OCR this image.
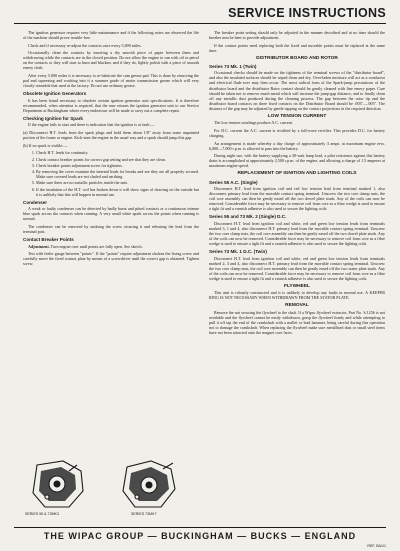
SERVICE INSTRUCTIONS

The ignition generator requires very little maintenance and if the following notes are observed the life of the machine should prove trouble-free.

Check and if necessary re-adjust the contacts once every 5,000 miles.

Occasionally clean the contacts by inserting a dry smooth piece of paper between them and withdrawing while the contacts are in the closed position. Do not allow the engine to run with oil or petrol on the contacts or they will start to burn and blacken, and if they do, lightly polish with a piece of smooth emery cloth.

After every 5,000 miles it is necessary to re-lubricate the cam grease pad. This is done by removing the pad and squeezing and working into it a summer grade of motor transmission grease which will very closely resemble that used at the factory. Do not use ordinary grease.

Obsolete Ignition Generators

It has been found necessary to obsolete certain ignition generator unit specifications. It is therefore recommended, when attention is required, that the user returns the ignition generator unit to our Service Department at Buckingham where every endeavour will be made to carry out a complete repair.

Checking Ignition for Spark

If the engine fails to start and there is indication that the ignition is at fault:—

(a) Disconnect H.T. leads from the spark plugs and hold them about 1/8" away from some unpainted portion of the frame or engine. Kick-start the engine in the usual way and a spark should jump this gap.

(b) If no spark is visible:—

1. Check H.T. leads for continuity.
2. Check contact breaker points for correct gap setting and see that they are clean.
3. Check breaker points adjustment screw for tightness.
4. By removing the cover examine the internal leads for breaks and see they are all properly secured. Make sure covered leads are not chafed and earthing.
5. Make sure there are no metallic particles inside the unit.
6. If the insulation of the H.T. coil has broken down it will show signs of charring on the outside but it is unlikely that this will happen in normal use.
Condenser

A weak or faulty condenser can be detected by badly burnt and pitted contacts or a continuous intense blue spark across the contacts when running. A very small white spark across the points when running is normal.

The condenser can be removed by undoing the screw securing it and releasing the lead from the terminal post.

Contact Breaker Points

Adjustment. Turn engine over until points are fully open. See sketch.

Test with feeler gauge between "points". If the "points" require adjustment slacken the fixing screw and carefully move the fixed contact plate by means of a screwdriver until the correct gap is obtained. Tighten screw.

SERIES 55 & 73MK3	SERIES 73MK7

The breaker point setting should only be adjusted in the manner described and at no time should the breaker arm be bent to provide adjustment.

If the contact points need replacing both the fixed and movable points must be replaced at the same time.

DISTRIBUTOR BOARD AND ROTOR
Series 73 Mk. 1 (Twin)

Occasional checks should be made on the tightness of the terminal screws of the "distributor board", and also the insulated surfaces should be wiped clean and dry. Over-laden moisture will act as a conductor and electrical flash-over may then occur. The most radical form of the Spark-jump precautions of the distributor board and the distributor Rotor contact should be gently cleaned with fine emery paper. Care should be taken not to remove much metal which will increase the jump-gap distance, and to finally clean off any metallic dust produced during the cleaning process. The gap between the rotor tip and the distributor board contacts on three fixed contacts on the Distributor Board should be .003"—.005". The distance of the gap may be adjusted by gentle tapping on the contact projections in the required direction.

LOW TENSION CURRENT

The low tension windings produce A.C. current.

For D.C. current the A.C. current is rectified by a full-wave rectifier. This provides D.C. for battery charging.

An arrangement is made whereby a day charge of approximately 3 amps. at maximum engine revs. 6,000—7,000 r.p.m. is allowed to pass into the battery.

During night use, with the battery supplying a 30-watt lamp load, a pilot resistance against this battery drain is accomplished at approximately 2,500 r.p.m. of the engine, and allowing a charge of 1.5 amperes at maximum engine speed.

REPLACEMENT OF IGNITION AND LIGHTING COILS
Series 55 A.C. (Single)

Disconnect H.T. lead from ignition coil and red low tension lead from terminal marked 1, also disconnect primary lead from the movable contact spring terminal. Unscrew the two core clamp nuts, the coil core assembly can then be gently eased off the two dowel plate studs. Any of the coils can now be removed. Considerable force may be necessary to remove coil from core as a fibre wedge is used to ensure a tight fit and a varnish adhesive is also used to secure the lighting coils.

Series 55 and 73 Mk. 2 (Single) D.C.

Disconnect H.T. lead from ignition coil and white, red and green low tension leads from terminals marked 3, 1 and 4, also disconnect H.T. primary lead from the movable contact spring terminal. Unscrew the two core clamp nuts, the coil core assembly can then be gently eased off the two dowel plate studs. Any of the coils can now be removed. Considerable force may be necessary to remove coil from core as a fibre wedge is used to ensure a tight fit and a varnish adhesive is also used to secure the lighting coils.

Series 73 Mk. 1 D.C. (Twin)

Disconnect H.T. lead from ignition coil and white, red and green low tension leads from terminals marked 2, 3 and 4, also disconnect H.T. primary lead from the movable contact spring terminal. Unscrew the two core clamp nuts, the coil core assembly can then be gently eased off the two stator plate studs. Any of the coils can now be removed. Considerable force may be necessary to remove coil from core as a fibre wedge is used to ensure a tight fit and a varnish adhesive is also used to secure the lighting coils.

FLYWHEEL

This unit is robustly constructed and it is unlikely to develop any faults in normal use. A KEEPER RING IS NOT NECESSARY WHEN WITHDRAWN FROM THE STATOR PLATE.

REMOVAL

Remove the nut securing the flywheel to the shaft. If a Wipac flywheel extractor, Part No. S.1256 is not available and the flywheel cannot be easily withdrawn, grasp the flywheel firmly and while attempting to pull it off tap the end of the crankshaft with a mallet or lead hammer, being careful during this operation not to damage the crankshaft. When replacing the flywheel make sure metallised dust or small steel items have not been attracted onto the magnet core faces.

THE WIPAC GROUP — BUCKINGHAM — BUCKS — ENGLAND
REF. BA1/1
